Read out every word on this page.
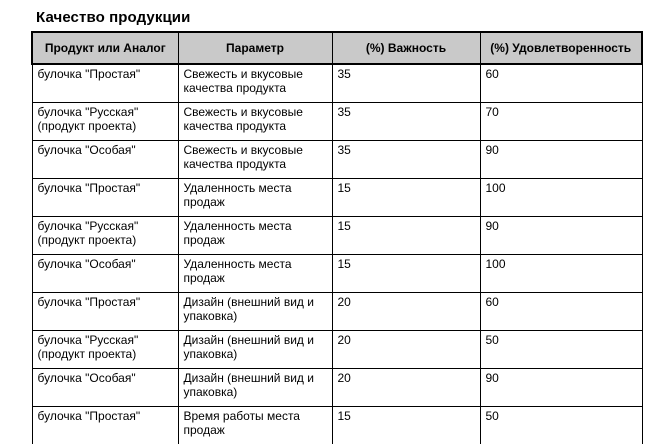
Качество продукции
Продукт или Аналог	Параметр	(%) Важность	(%) Удовлетворенность
булочка "Простая"	Свежесть и вкусовые качества продукта	35	60
булочка "Русская" (продукт проекта)	Свежесть и вкусовые качества продукта	35	70
булочка "Особая"	Свежесть и вкусовые качества продукта	35	90
булочка "Простая"	Удаленность места продаж	15	100
булочка "Русская" (продукт проекта)	Удаленность места продаж	15	90
булочка "Особая"	Удаленность места продаж	15	100
булочка "Простая"	Дизайн (внешний вид и упаковка)	20	60
булочка "Русская" (продукт проекта)	Дизайн (внешний вид и упаковка)	20	50
булочка "Особая"	Дизайн (внешний вид и упаковка)	20	90
булочка "Простая"	Время работы места продаж	15	50
